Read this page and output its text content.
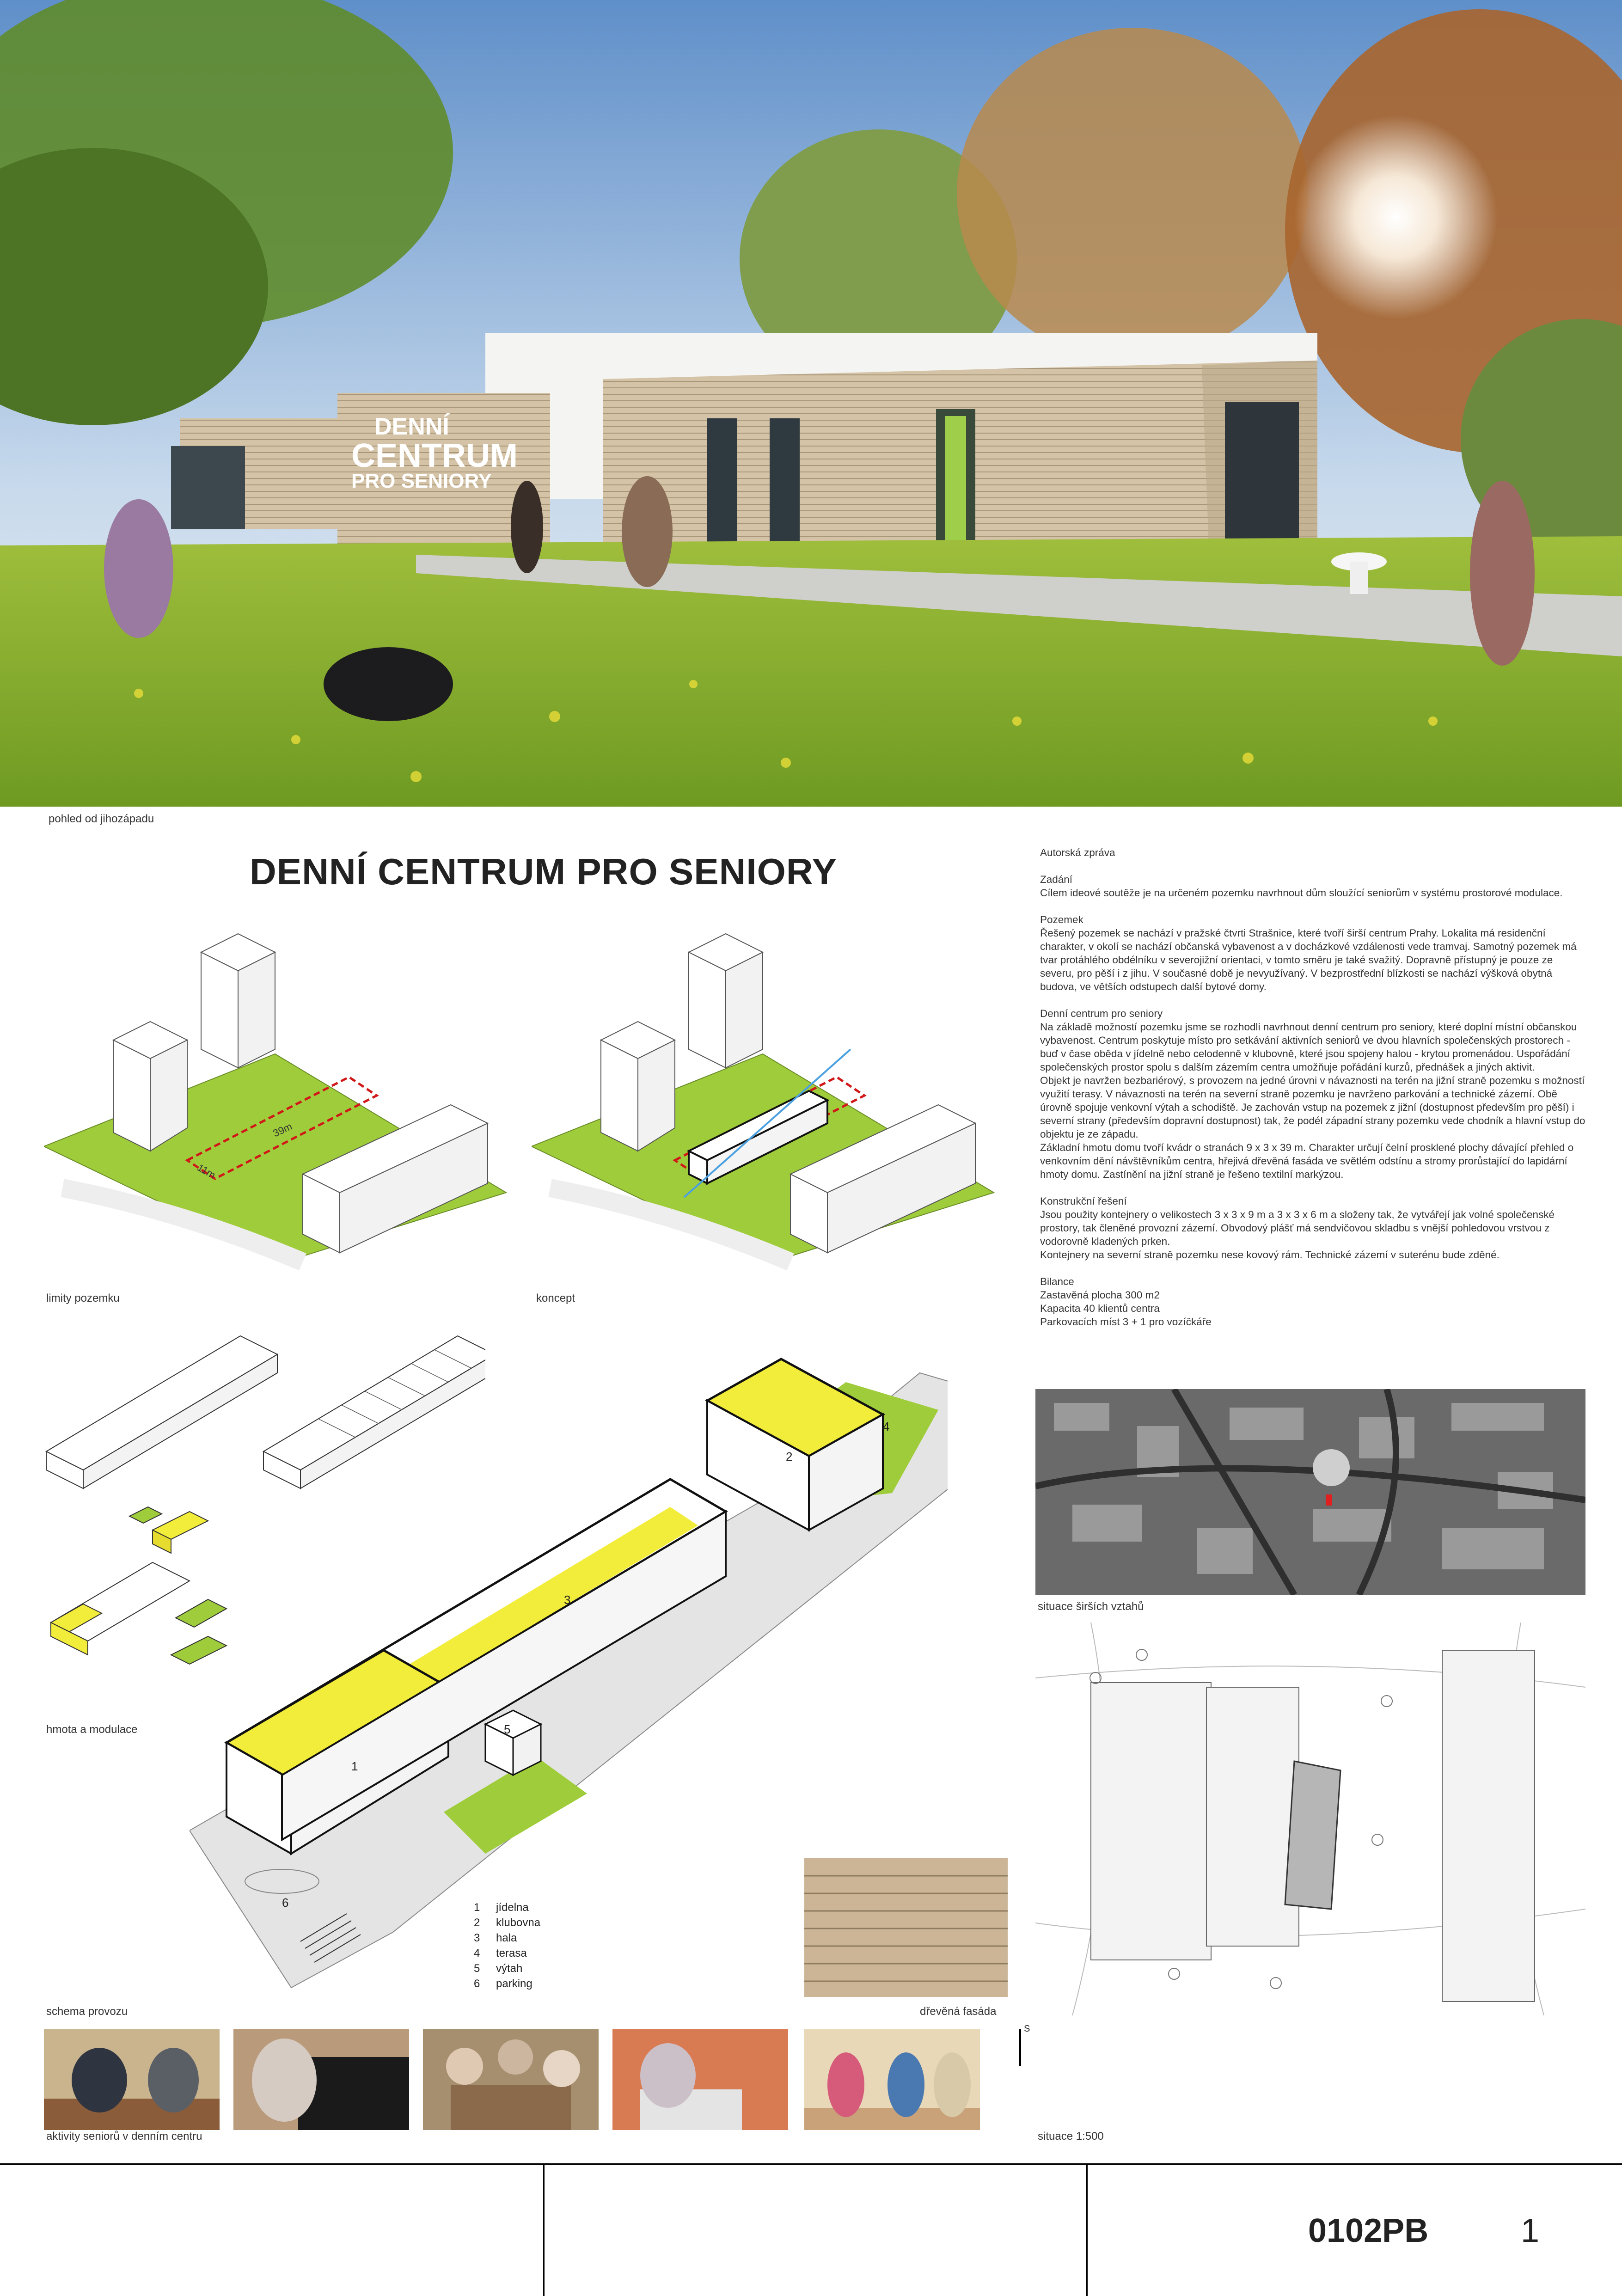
DENNÍ
CENTRUM
PRO SENIORY
pohled od jihozápadu
DENNÍ CENTRUM PRO SENIORY
39m
11m
limity pozemku	koncept
hmota a modulace
1
2
3
4
5
6
schema provozu
1 jídelna
2 klubovna
3 hala
4 terasa
5 výtah
6 parking
dřevěná fasáda

Autorská zpráva

Zadání

Cílem ideové soutěže je na určeném pozemku navrhnout dům sloužící seniorům v systému prostorové modulace.

Pozemek

Řešený pozemek se nachází v pražské čtvrti Strašnice, které tvoří širší centrum Prahy. Lokalita má residenční charakter, v okolí se nachází občanská vybavenost a v docházkové vzdálenosti vede tramvaj. Samotný pozemek má tvar protáhlého obdélníku v severojižní orientaci, v tomto směru je také svažitý. Dopravně přístupný je pouze ze severu, pro pěší i z jihu. V současné době je nevyužívaný. V bezprostřední blízkosti se nachází výšková obytná budova, ve větších odstupech další bytové domy.

Denní centrum pro seniory

Na základě možností pozemku jsme se rozhodli navrhnout denní centrum pro seniory, které doplní místní občanskou vybavenost. Centrum poskytuje místo pro setkávání aktivních seniorů ve dvou hlavních společenských prostorech - buď v čase oběda v jídelně nebo celodenně v klubovně, které jsou spojeny halou - krytou promenádou. Uspořádání společenských prostor spolu s dalším zázemím centra umožňuje pořádání kurzů, přednášek a jiných aktivit.

Objekt je navržen bezbariérový, s provozem na jedné úrovni v návaznosti na terén na jižní straně pozemku s možností využití terasy. V návaznosti na terén na severní straně pozemku je navrženo parkování a technické zázemí. Obě úrovně spojuje venkovní výtah a schodiště. Je zachován vstup na pozemek z jižní (dostupnost především pro pěší) i severní strany (především dopravní dostupnost) tak, že podél západní strany pozemku vede chodník a hlavní vstup do objektu je ze západu.

Základní hmotu domu tvoří kvádr o stranách 9 x 3 x 39 m. Charakter určují čelní prosklené plochy dávající přehled o venkovním dění návštěvníkům centra, hřejivá dřevěná fasáda ve světlém odstínu a stromy prorůstající do lapidární hmoty domu. Zastínění na jižní straně je řešeno textilní markýzou.

Konstrukční řešení

Jsou použity kontejnery o velikostech 3 x 3 x 9 m a 3 x 3 x 6 m a složeny tak, že vytvářejí jak volné společenské prostory, tak členěné provozní zázemí. Obvodový plášť má sendvičovou skladbu s vnější pohledovou vrstvou z vodorovně kladených prken.

Kontejnery na severní straně pozemku nese kovový rám. Technické zázemí v suterénu bude zděné.

Bilance

Zastavěná plocha 300 m2

Kapacita 40 klientů centra

Parkovacích míst 3 + 1 pro vozíčkáře

situace širších vztahů
S
situace 1:500
aktivity seniorů v denním centru
0102PB	1
